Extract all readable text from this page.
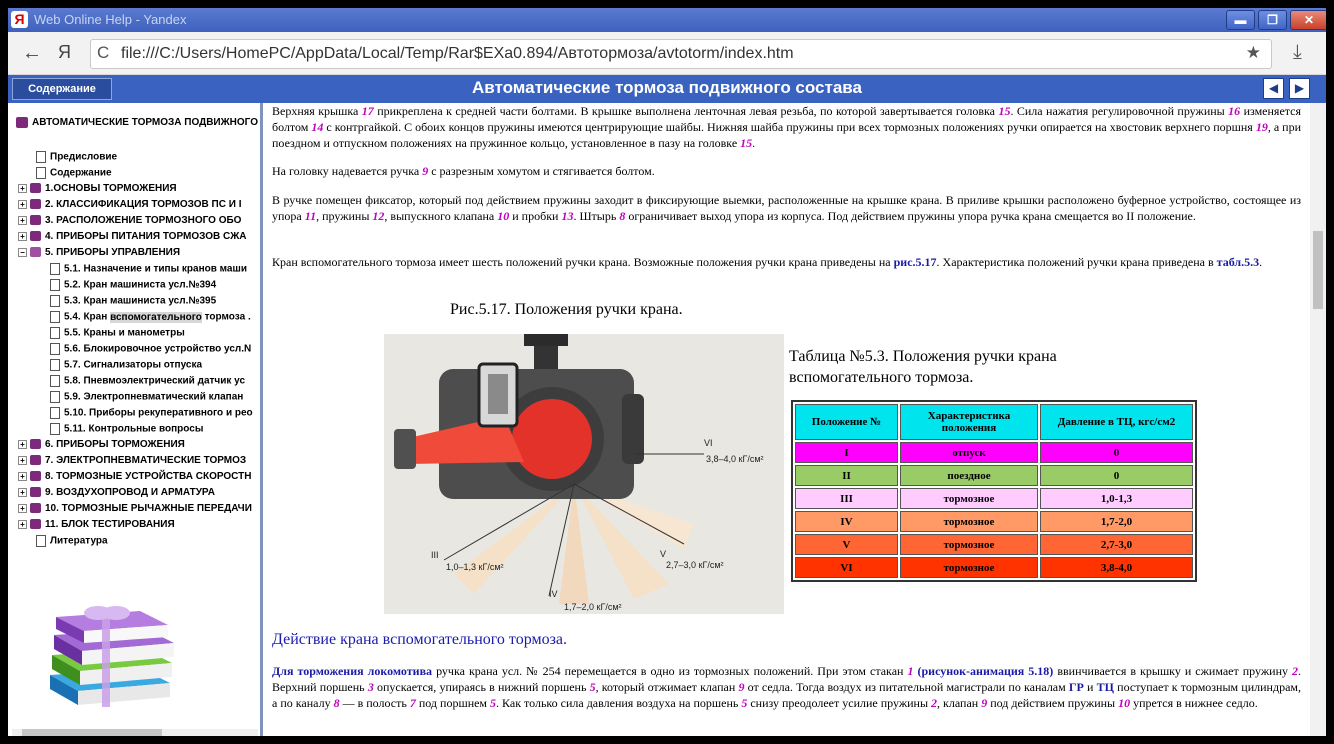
Я Web Online Help - Yandex	▬	❐	✕
← Я C file:///C:/Users/HomePC/AppData/Local/Temp/Rar$EXa0.894/Автотормоза/avtotorm/index.htm	★ ⤓
Содержание	Автоматические тормоза подвижного состава	◀	▶
АВТОМАТИЧЕСКИЕ ТОРМОЗА ПОДВИЖНОГО
Предисловие
Содержание
+ 1.ОСНОВЫ ТОРМОЖЕНИЯ
+ 2. КЛАССИФИКАЦИЯ ТОРМОЗОВ ПС И I
+ 3. РАСПОЛОЖЕНИЕ ТОРМОЗНОГО ОБО
+ 4. ПРИБОРЫ ПИТАНИЯ ТОРМОЗОВ СЖА
− 5. ПРИБОРЫ УПРАВЛЕНИЯ
5.1. Назначение и типы кранов маши
5.2. Кран машиниста усл.№394
5.3. Кран машиниста усл.№395
5.4. Кран вспомогательного тормоза .
5.5. Краны и манометры
5.6. Блокировочное устройство усл.N
5.7. Сигнализаторы отпуска
5.8. Пневмоэлектрический датчик ус
5.9. Электропневматический клапан
5.10. Приборы рекуперативного и рео
5.11. Контрольные вопросы
+ 6. ПРИБОРЫ ТОРМОЖЕНИЯ
+ 7. ЭЛЕКТРОПНЕВМАТИЧЕСКИЕ ТОРМОЗ
+ 8. ТОРМОЗНЫЕ УСТРОЙСТВА СКОРОСТН
+ 9. ВОЗДУХОПРОВОД И АРМАТУРА
+ 10. ТОРМОЗНЫЕ РЫЧАЖНЫЕ ПЕРЕДАЧИ
+ 11. БЛОК ТЕСТИРОВАНИЯ
Литература
Верхняя крышка 17 прикреплена к средней части болтами. В крышке выполнена ленточная левая резьба, по которой завертывается головка 15. Сила нажатия регулировочной пружины 16 изменяется болтом 14 с контргайкой. С обоих концов пружины имеются центрирующие шайбы. Нижняя шайба пружины при всех тормозных положениях ручки опирается на хвостовик верхнего поршня 19, а при поездном и отпускном положениях на пружинное кольцо, установленное в пазу на головке 15.
На головку надевается ручка 9 с разрезным хомутом и стягивается болтом.
В ручке помещен фиксатор, который под действием пружины заходит в фиксирующие выемки, расположенные на крышке крана. В приливе крышки расположено буферное устройство, состоящее из упора 11, пружины 12, выпускного клапана 10 и пробки 13. Штырь 8 ограничивает выход упора из корпуса. Под действием пружины упора ручка крана смещается во II положение.
Кран вспомогательного тормоза имеет шесть положений ручки крана. Возможные положения ручки крана приведены на рис.5.17. Характеристика положений ручки крана приведена в табл.5.3.
Рис.5.17. Положения ручки крана.
VI
3,8–4,0 кГ/см²
III
1,0–1,3 кГ/см²
IV
1,7–2,0 кГ/см²
V
2,7–3,0 кГ/см²
Таблица №5.3. Положения ручки крана
вспомогательного тормоза.
Положение №	Характеристика положения	Давление в ТЦ, кгс/см2
I	отпуск	0
II	поездное	0
III	тормозное	1,0-1,3
IV	тормозное	1,7-2,0
V	тормозное	2,7-3,0
VI	тормозное	3,8-4,0
Действие крана вспомогательного тормоза.
Для торможения локомотива ручка крана усл. № 254 перемещается в одно из тормозных положений. При этом стакан 1 (рисунок-анимация 5.18) ввинчивается в крышку и сжимает пружину 2. Верхний поршень 3 опускается, упираясь в нижний поршень 5, который отжимает клапан 9 от седла. Тогда воздух из питательной магистрали по каналам ГР и ТЦ поступает к тормозным цилиндрам, а по каналу 8 — в полость 7 под поршнем 5. Как только сила давления воздуха на поршень 5 снизу преодолеет усилие пружины 2, клапан 9 под действием пружины 10 упрется в нижнее седло.
